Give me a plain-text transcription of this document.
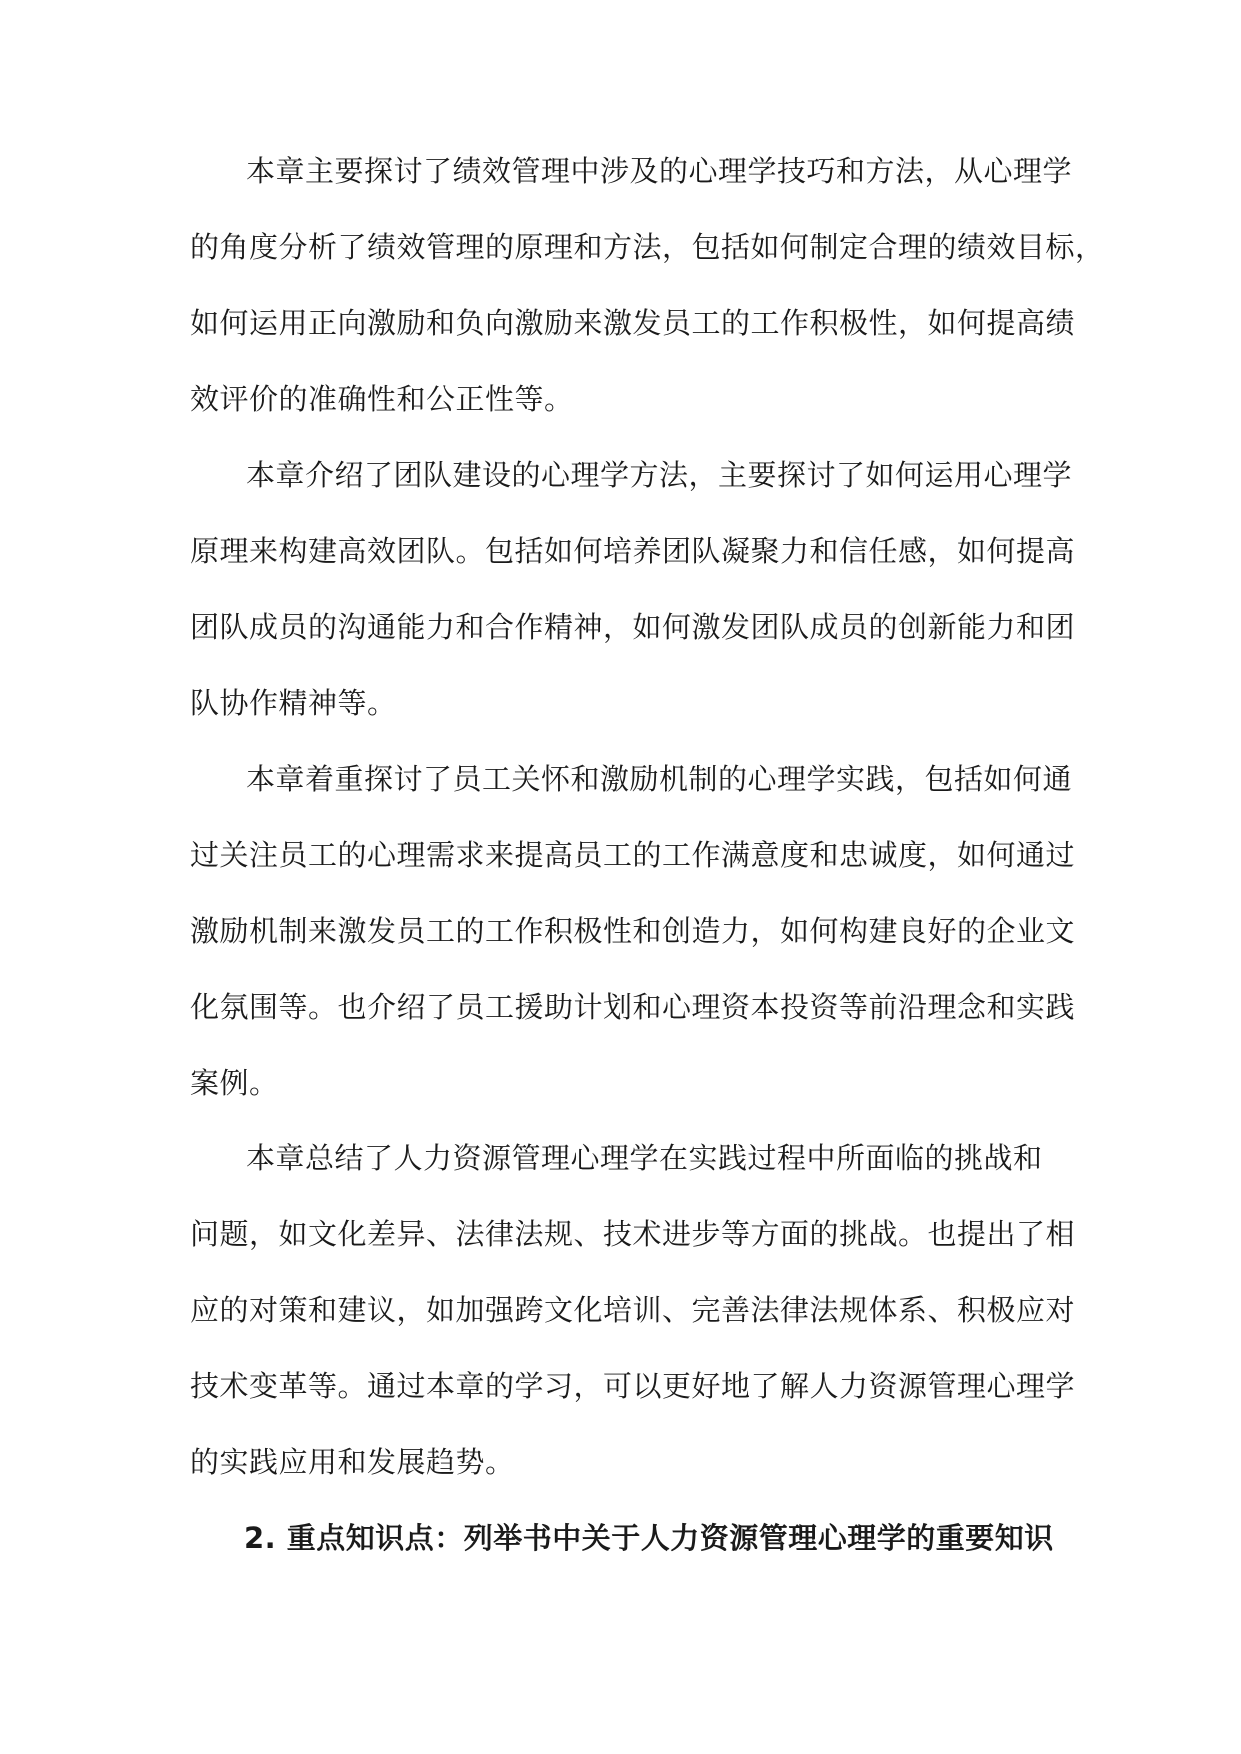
本章主要探讨了绩效管理中涉及的心理学技巧和方法，从心理学
的角度分析了绩效管理的原理和方法，包括如何制定合理的绩效目标，
如何运用正向激励和负向激励来激发员工的工作积极性，如何提高绩
效评价的准确性和公正性等。
本章介绍了团队建设的心理学方法，主要探讨了如何运用心理学
原理来构建高效团队。包括如何培养团队凝聚力和信任感，如何提高
团队成员的沟通能力和合作精神，如何激发团队成员的创新能力和团
队协作精神等。
本章着重探讨了员工关怀和激励机制的心理学实践，包括如何通
过关注员工的心理需求来提高员工的工作满意度和忠诚度，如何通过
激励机制来激发员工的工作积极性和创造力，如何构建良好的企业文
化氛围等。也介绍了员工援助计划和心理资本投资等前沿理念和实践
案例。
本章总结了人力资源管理心理学在实践过程中所面临的挑战和
问题，如文化差异、法律法规、技术进步等方面的挑战。也提出了相
应的对策和建议，如加强跨文化培训、完善法律法规体系、积极应对
技术变革等。通过本章的学习，可以更好地了解人力资源管理心理学
的实践应用和发展趋势。
2. 重点知识点：列举书中关于人力资源管理心理学的重要知识
